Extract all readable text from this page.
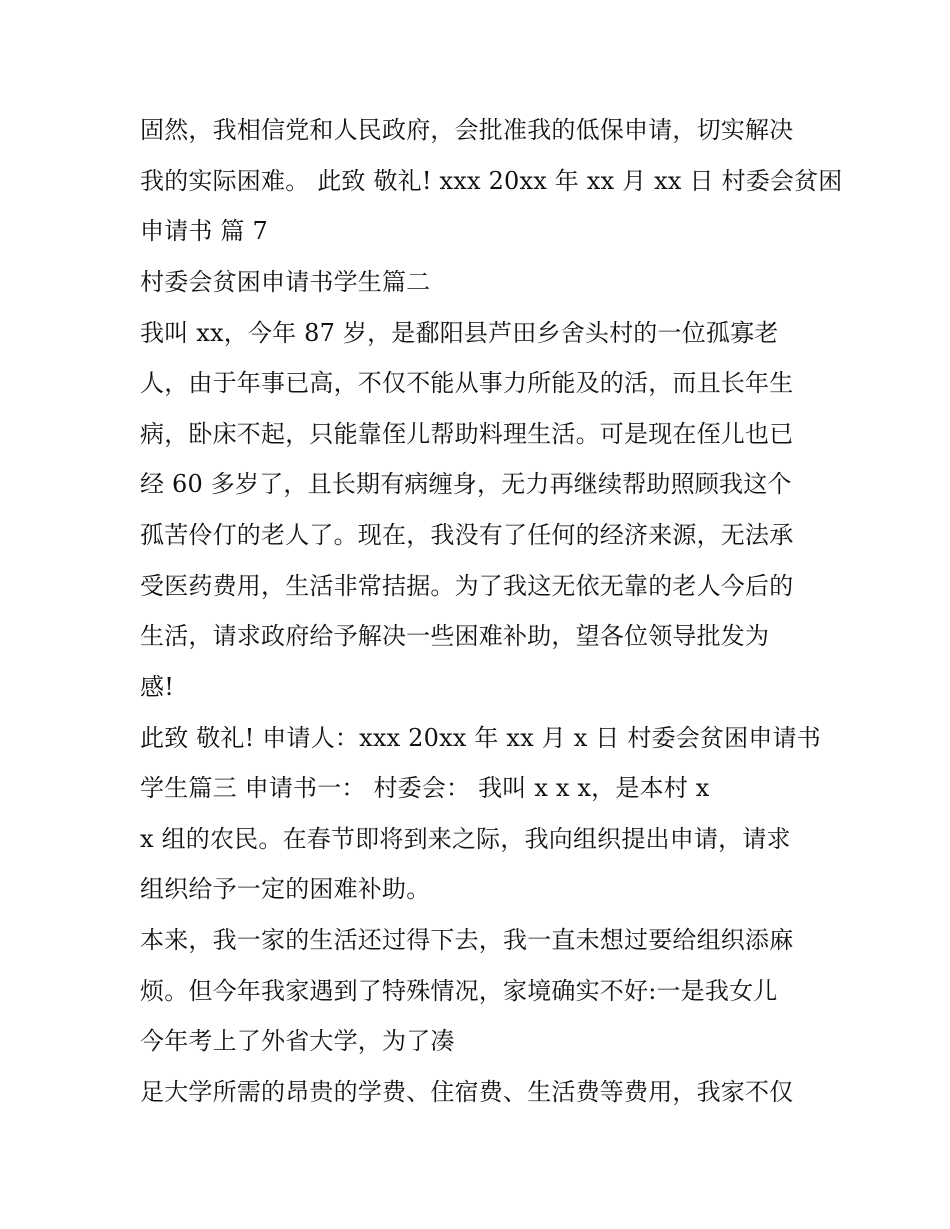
固然，我相信党和人民政府，会批准我的低保申请，切实解决
我的实际困难。 此致 敬礼! xxx 20xx 年 xx 月 xx 日 村委会贫困
申请书 篇 7
村委会贫困申请书学生篇二
我叫 xx，今年 87 岁，是鄱阳县芦田乡舍头村的一位孤寡老
人，由于年事已高，不仅不能从事力所能及的活，而且长年生
病，卧床不起，只能靠侄儿帮助料理生活。可是现在侄儿也已
经 60 多岁了，且长期有病缠身，无力再继续帮助照顾我这个
孤苦伶仃的老人了。现在，我没有了任何的经济来源，无法承
受医药费用，生活非常拮据。为了我这无依无靠的老人今后的
生活，请求政府给予解决一些困难补助，望各位领导批发为
感!
此致 敬礼! 申请人：xxx 20xx 年 xx 月 x 日 村委会贫困申请书
学生篇三 申请书一： 村委会： 我叫 x x x，是本村 x
x 组的农民。在春节即将到来之际，我向组织提出申请，请求
组织给予一定的困难补助。
本来，我一家的生活还过得下去，我一直未想过要给组织添麻
烦。但今年我家遇到了特殊情况，家境确实不好:一是我女儿
今年考上了外省大学，为了凑
足大学所需的昂贵的学费、住宿费、生活费等费用，我家不仅
